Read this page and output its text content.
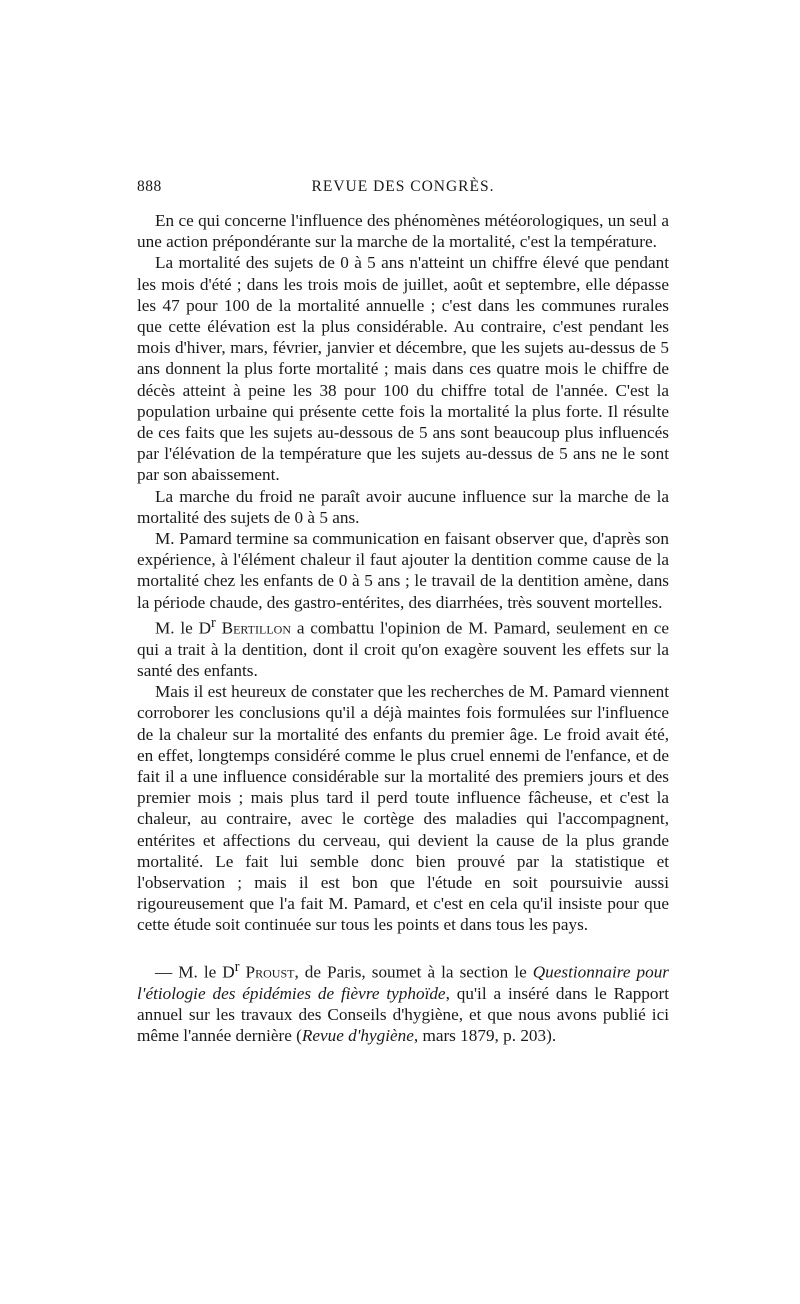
888	REVUE DES CONGRÈS.

En ce qui concerne l'influence des phénomènes météorologiques, un seul a une action prépondérante sur la marche de la mortalité, c'est la température.

La mortalité des sujets de 0 à 5 ans n'atteint un chiffre élevé que pendant les mois d'été ; dans les trois mois de juillet, août et septembre, elle dépasse les 47 pour 100 de la mortalité annuelle ; c'est dans les communes rurales que cette élévation est la plus considérable. Au contraire, c'est pendant les mois d'hiver, mars, février, janvier et décembre, que les sujets au-dessus de 5 ans donnent la plus forte mortalité ; mais dans ces quatre mois le chiffre de décès atteint à peine les 38 pour 100 du chiffre total de l'année. C'est la population urbaine qui présente cette fois la mortalité la plus forte. Il résulte de ces faits que les sujets au-dessous de 5 ans sont beaucoup plus influencés par l'élévation de la température que les sujets au-dessus de 5 ans ne le sont par son abaissement.

La marche du froid ne paraît avoir aucune influence sur la marche de la mortalité des sujets de 0 à 5 ans.

M. Pamard termine sa communication en faisant observer que, d'après son expérience, à l'élément chaleur il faut ajouter la dentition comme cause de la mortalité chez les enfants de 0 à 5 ans ; le travail de la dentition amène, dans la période chaude, des gastro-entérites, des diarrhées, très souvent mortelles.

M. le $D^r$ Bertillon a combattu l'opinion de M. Pamard, seulement en ce qui a trait à la dentition, dont il croit qu'on exagère souvent les effets sur la santé des enfants.

Mais il est heureux de constater que les recherches de M. Pamard viennent corroborer les conclusions qu'il a déjà maintes fois formulées sur l'influence de la chaleur sur la mortalité des enfants du premier âge. Le froid avait été, en effet, longtemps considéré comme le plus cruel ennemi de l'enfance, et de fait il a une influence considérable sur la mortalité des premiers jours et des premier mois ; mais plus tard il perd toute influence fâcheuse, et c'est la chaleur, au contraire, avec le cortège des maladies qui l'accompagnent, entérites et affections du cerveau, qui devient la cause de la plus grande mortalité. Le fait lui semble donc bien prouvé par la statistique et l'observation ; mais il est bon que l'étude en soit poursuivie aussi rigoureusement que l'a fait M. Pamard, et c'est en cela qu'il insiste pour que cette étude soit continuée sur tous les points et dans tous les pays.

— M. le $D^r$ Proust, de Paris, soumet à la section le Questionnaire pour l'étiologie des épidémies de fièvre typhoïde, qu'il a inséré dans le Rapport annuel sur les travaux des Conseils d'hygiène, et que nous avons publié ici même l'année dernière (Revue d'hygiène, mars 1879, p. 203).
